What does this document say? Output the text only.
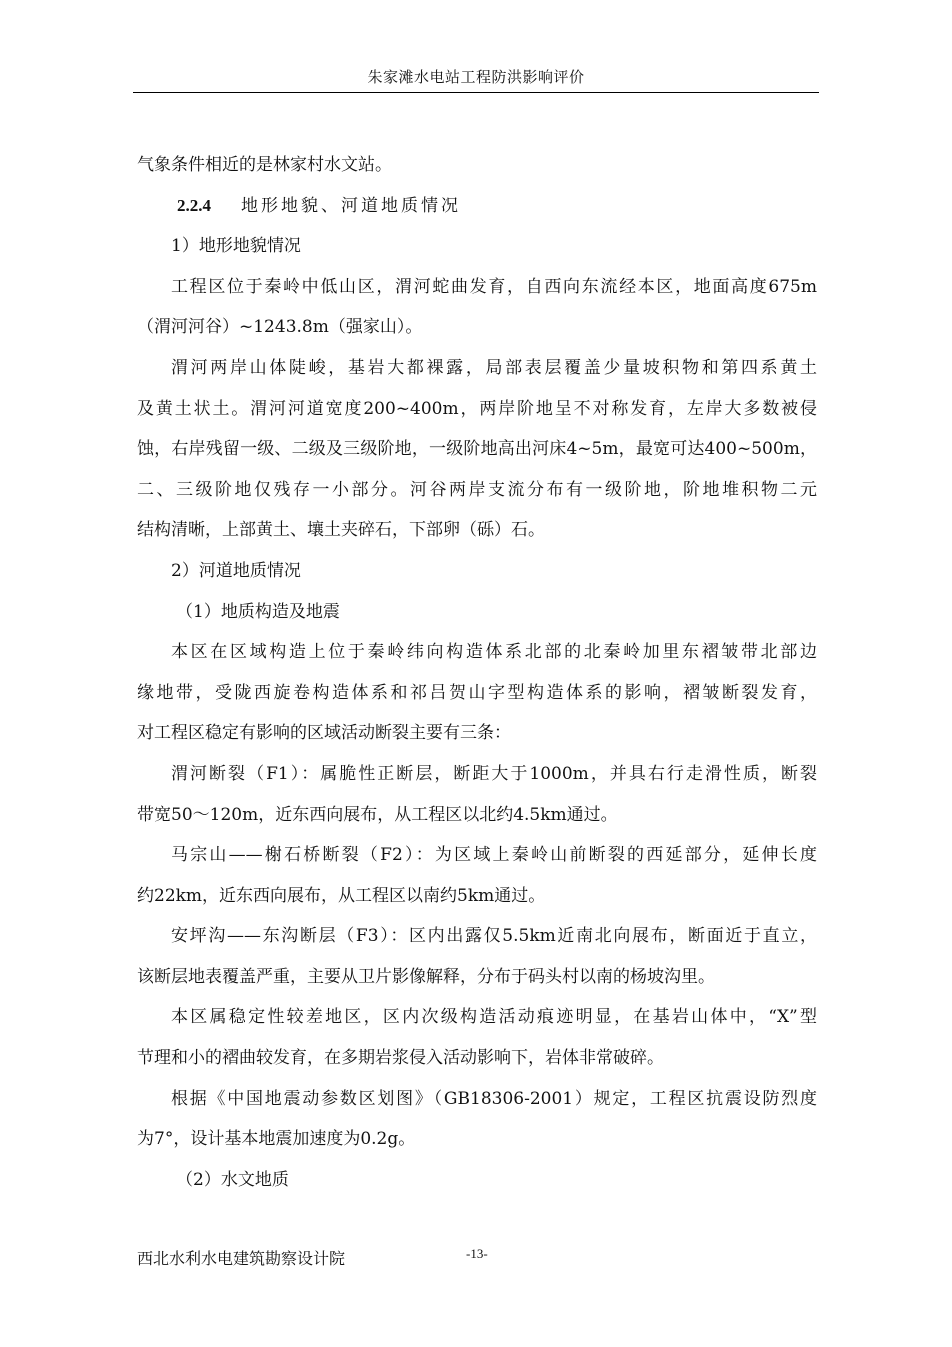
朱家滩水电站工程防洪影响评价
气象条件相近的是林家村水文站。
2.2.4 地形地貌、河道地质情况
1）地形地貌情况
工程区位于秦岭中低山区，渭河蛇曲发育，自西向东流经本区，地面高度675m
（渭河河谷）~1243.8m（强家山）。
渭河两岸山体陡峻，基岩大都裸露，局部表层覆盖少量坡积物和第四系黄土
及黄土状土。渭河河道宽度200~400m，两岸阶地呈不对称发育，左岸大多数被侵
蚀，右岸残留一级、二级及三级阶地，一级阶地高出河床4~5m，最宽可达400~500m，
二、三级阶地仅残存一小部分。河谷两岸支流分布有一级阶地，阶地堆积物二元
结构清晰，上部黄土、壤土夹碎石，下部卵（砾）石。
2）河道地质情况
（1）地质构造及地震
本区在区域构造上位于秦岭纬向构造体系北部的北秦岭加里东褶皱带北部边
缘地带，受陇西旋卷构造体系和祁吕贺山字型构造体系的影响，褶皱断裂发育，
对工程区稳定有影响的区域活动断裂主要有三条：
渭河断裂（F1）：属脆性正断层，断距大于1000m，并具右行走滑性质，断裂
带宽50～120m，近东西向展布，从工程区以北约4.5km通过。
马宗山——榭石桥断裂（F2）：为区域上秦岭山前断裂的西延部分，延伸长度
约22km，近东西向展布，从工程区以南约5km通过。
安坪沟——东沟断层（F3）：区内出露仅5.5km近南北向展布，断面近于直立，
该断层地表覆盖严重，主要从卫片影像解释，分布于码头村以南的杨坡沟里。
本区属稳定性较差地区，区内次级构造活动痕迹明显，在基岩山体中，“X”型
节理和小的褶曲较发育，在多期岩浆侵入活动影响下，岩体非常破碎。
根据《中国地震动参数区划图》（GB18306-2001）规定，工程区抗震设防烈度
为7°，设计基本地震加速度为0.2g。
（2）水文地质
西北水利水电建筑勘察设计院	-13-
